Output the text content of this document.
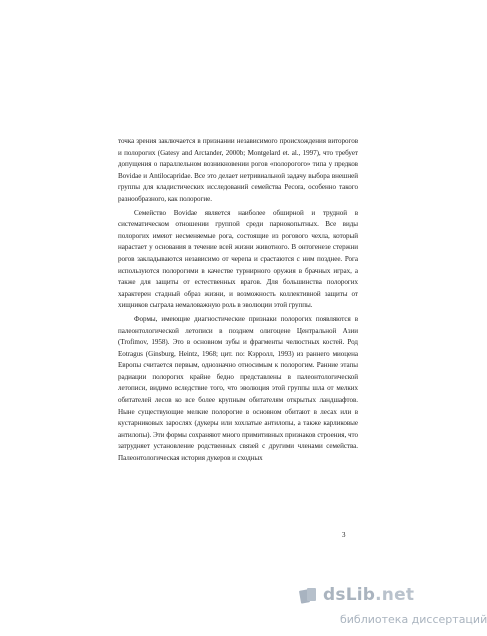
точка зрения заключается в признании независимого происхождения виторогов и полорогих (Gatesy and Arctander, 2000b; Montgelard et. al., 1997), что требует допущения о параллельном возникновении рогов «полорогого» типа у предков Bovidae и Antilocapridae. Все это делает нетривиальной задачу выбора внешней группы для кладистических исследований семейства Pecora, особенно такого разнообразного, как полорогие.

Семейство Bovidae является наиболее обширной и трудной в систематическом отношении группой среди парнокопытных. Все виды полорогих имеют несменяемые рога, состоящие из рогового чехла, который нарастает у основания в течение всей жизни животного. В онтогенезе стержни рогов закладываются независимо от черепа и срастаются с ним позднее. Рога используются полорогими в качестве турнирного оружия в брачных играх, а также для защиты от естественных врагов. Для большинства полорогих характерен стадный образ жизни, и возможность коллективной защиты от хищников сыграла немаловажную роль в эволюции этой группы.

Формы, имеющие диагностические признаки полорогих появляются в палеонтологической летописи в позднем олигоцене Центральной Азии (Trofimov, 1958). Это в основном зубы и фрагменты челюстных костей. Род Eotragus (Ginsburg, Heintz, 1968; цит. по: Кэрролл, 1993) из раннего миоцена Европы считается первым, однозначно относимым к полорогим. Ранние этапы радиации полорогих крайне бедно представлены в палеонтологической летописи, видимо вследствие того, что эволюция этой группы шла от мелких обитателей лесов ко все более крупным обитателям открытых ландшафтов. Ныне существующие мелкие полорогие в основном обитают в лесах или в кустарниковых зарослях (дукеры или хохлатые антилопы, а также карликовые антилопы). Эти формы сохраняют много примитивных признаков строения, что затрудняет установление родственных связей с другими членами семейства. Палеонтологическая история дукеров и сходных

3
dsLib.net
библиотека диссертаций
